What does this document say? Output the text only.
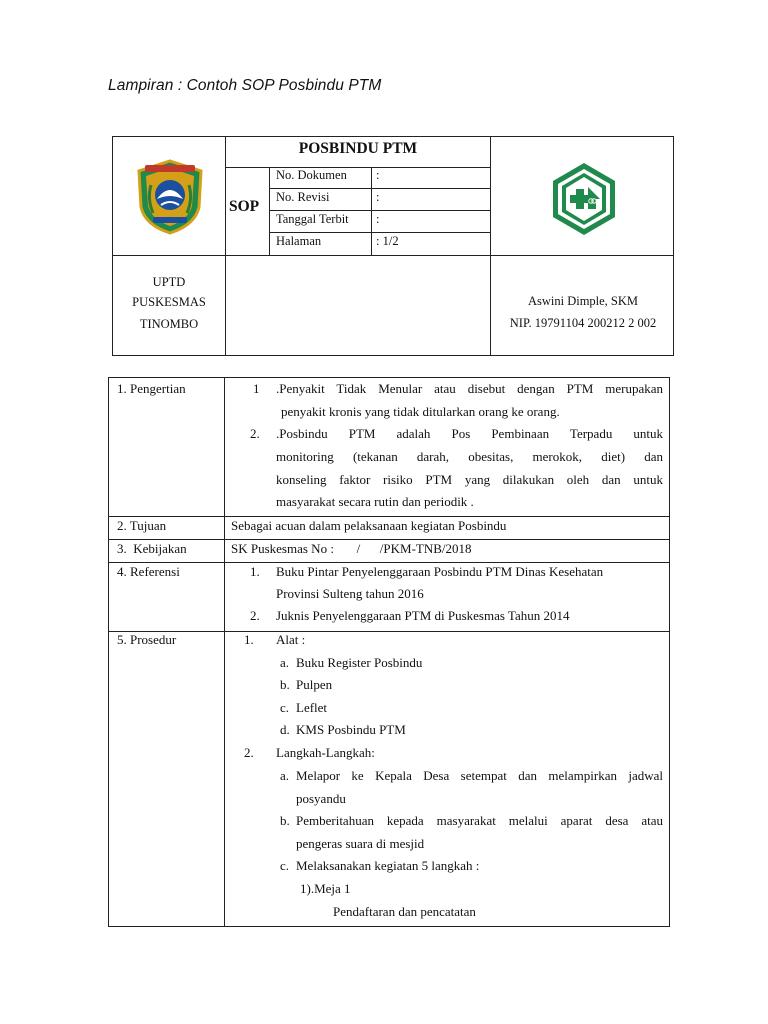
Lampiran : Contoh SOP Posbindu PTM
POSBINDU PTM
SOP
No. Dokumen :
No. Revisi	:
Tanggal Terbit :
Halaman	: 1/2
UPTD
PUSKESMAS
TINOMBO
Aswini Dimple, SKM
NIP. 19791104 200212 2 002
1. Pengertian	1 .Penyakit Tidak Menular atau disebut dengan PTM merupakan
penyakit kronis yang tidak ditularkan orang ke orang.
2. .Posbindu PTM adalah Pos Pembinaan Terpadu untuk
monitoring (tekanan darah, obesitas, merokok, diet) dan
konseling faktor risiko PTM yang dilakukan oleh dan untuk
masyarakat secara rutin dan periodik .
2. Tujuan	Sebagai acuan dalam pelaksanaan kegiatan Posbindu
3.  Kebijakan	SK Puskesmas No :       /      /PKM-TNB/2018
4. Referensi	1. Buku Pintar Penyelenggaraan Posbindu PTM Dinas Kesehatan
Provinsi Sulteng tahun 2016
2. Juknis Penyelenggaraan PTM di Puskesmas Tahun 2014
5. Prosedur	1. Alat :
a. Buku Register Posbindu
b. Pulpen
c. Leflet
d. KMS Posbindu PTM
2. Langkah-Langkah:
a. Melapor ke Kepala Desa setempat dan melampirkan jadwal
posyandu
b. Pemberitahuan kepada masyarakat melalui aparat desa atau
pengeras suara di mesjid
c. Melaksanakan kegiatan 5 langkah :
1).Meja 1
Pendaftaran dan pencatatan
